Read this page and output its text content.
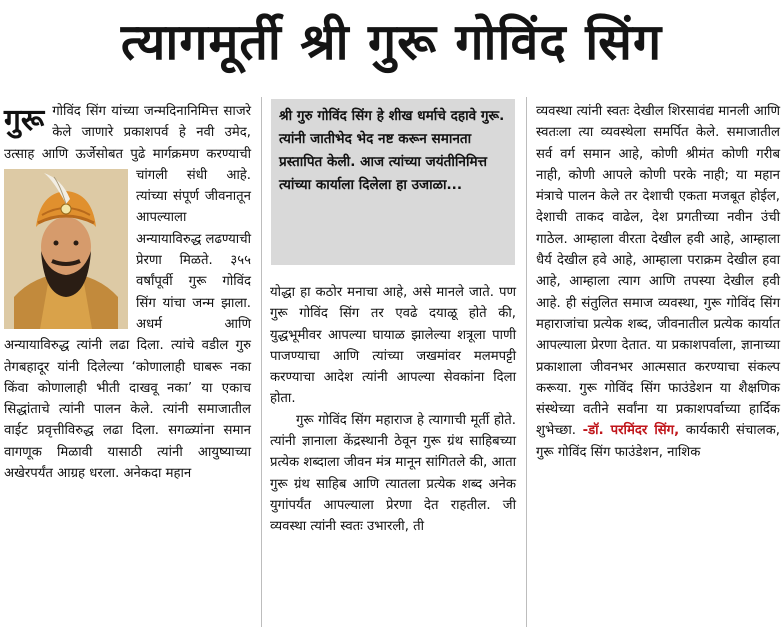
त्यागमूर्ती श्री गुरू गोविंद सिंग
गुरू गोविंद सिंग यांच्या जन्मदिनानिमित्त साजरे केले जाणारे प्रकाशपर्व हे नवी उमेद, उत्साह आणि ऊर्जेसोबत पुढे मार्गक्रमण करण्याची
चांगली संधी आहे. त्यांच्या संपूर्ण जीवनातून आपल्याला अन्यायाविरुद्ध लढण्याची प्रेरणा मिळते. ३५५ वर्षांपूर्वी गुरू गोविंद सिंग यांचा जन्म झाला. अधर्म आणि अन्यायाविरुद्ध त्यांनी लढा दिला. त्यांचे वडील गुरु तेगबहादूर यांनी दिलेल्या ‘कोणालाही घाबरू नका किंवा कोणालाही भीती दाखवू नका’ या एकाच सिद्धांताचे त्यांनी पालन केले. त्यांनी समाजातील वाईट प्रवृत्तीविरुद्ध लढा दिला. सगळ्यांना समान वागणूक मिळावी यासाठी त्यांनी आयुष्याच्या अखेरपर्यंत आग्रह धरला. अनेकदा महान
श्री गुरु गोविंद सिंग हे शीख धर्माचे दहावे गुरू. त्यांनी जातीभेद भेद नष्ट करून समानता प्रस्तापित केली. आज त्यांच्या जयंतीनिमित्त त्यांच्या कार्याला दिलेला हा उजाळा...

योद्धा हा कठोर मनाचा आहे, असे मानले जाते. पण गुरू गोविंद सिंग तर एवढे दयाळू होते की, युद्धभूमीवर आपल्या घायाळ झालेल्या शत्रूला पाणी पाजण्याचा आणि त्यांच्या जखमांवर मलमपट्टी करण्याचा आदेश त्यांनी आपल्या सेवकांना दिला होता.

गुरू गोविंद सिंग महाराज हे त्यागाची मूर्ती होते. त्यांनी ज्ञानाला केंद्रस्थानी ठेवून गुरू ग्रंथ साहिबच्या प्रत्येक शब्दाला जीवन मंत्र मानून सांगितले की, आता गुरू ग्रंथ साहिब आणि त्यातला प्रत्येक शब्द अनेक युगांपर्यंत आपल्याला प्रेरणा देत राहतील. जी व्यवस्था त्यांनी स्वतः उभारली, ती

व्यवस्था त्यांनी स्वतः देखील शिरसावंद्य मानली आणि स्वतःला त्या व्यवस्थेला समर्पित केले. समाजातील सर्व वर्ग समान आहे, कोणी श्रीमंत कोणी गरीब नाही, कोणी आपले कोणी परके नाही; या महान मंत्राचे पालन केले तर देशाची एकता मजबूत होईल, देशाची ताकद वाढेल, देश प्रगतीच्या नवीन उंची गाठेल. आम्हाला वीरता देखील हवी आहे, आम्हाला धैर्य देखील हवे आहे, आम्हाला पराक्रम देखील हवा आहे, आम्हाला त्याग आणि तपस्या देखील हवी आहे. ही संतुलित समाज व्यवस्था, गुरू गोविंद सिंग महाराजांचा प्रत्येक शब्द, जीवनातील प्रत्येक कार्यात आपल्याला प्रेरणा देतात. या प्रकाशपर्वाला, ज्ञानाच्या प्रकाशाला जीवनभर आत्मसात करण्याचा संकल्प करूया. गुरू गोविंद सिंग फाउंडेशन या शैक्षणिक संस्थेच्या वतीने सर्वांना या प्रकाशपर्वाच्या हार्दिक शुभेच्छा. -डॉ. परमिंदर सिंग, कार्यकारी संचालक, गुरू गोविंद सिंग फाउंडेशन, नाशिक
